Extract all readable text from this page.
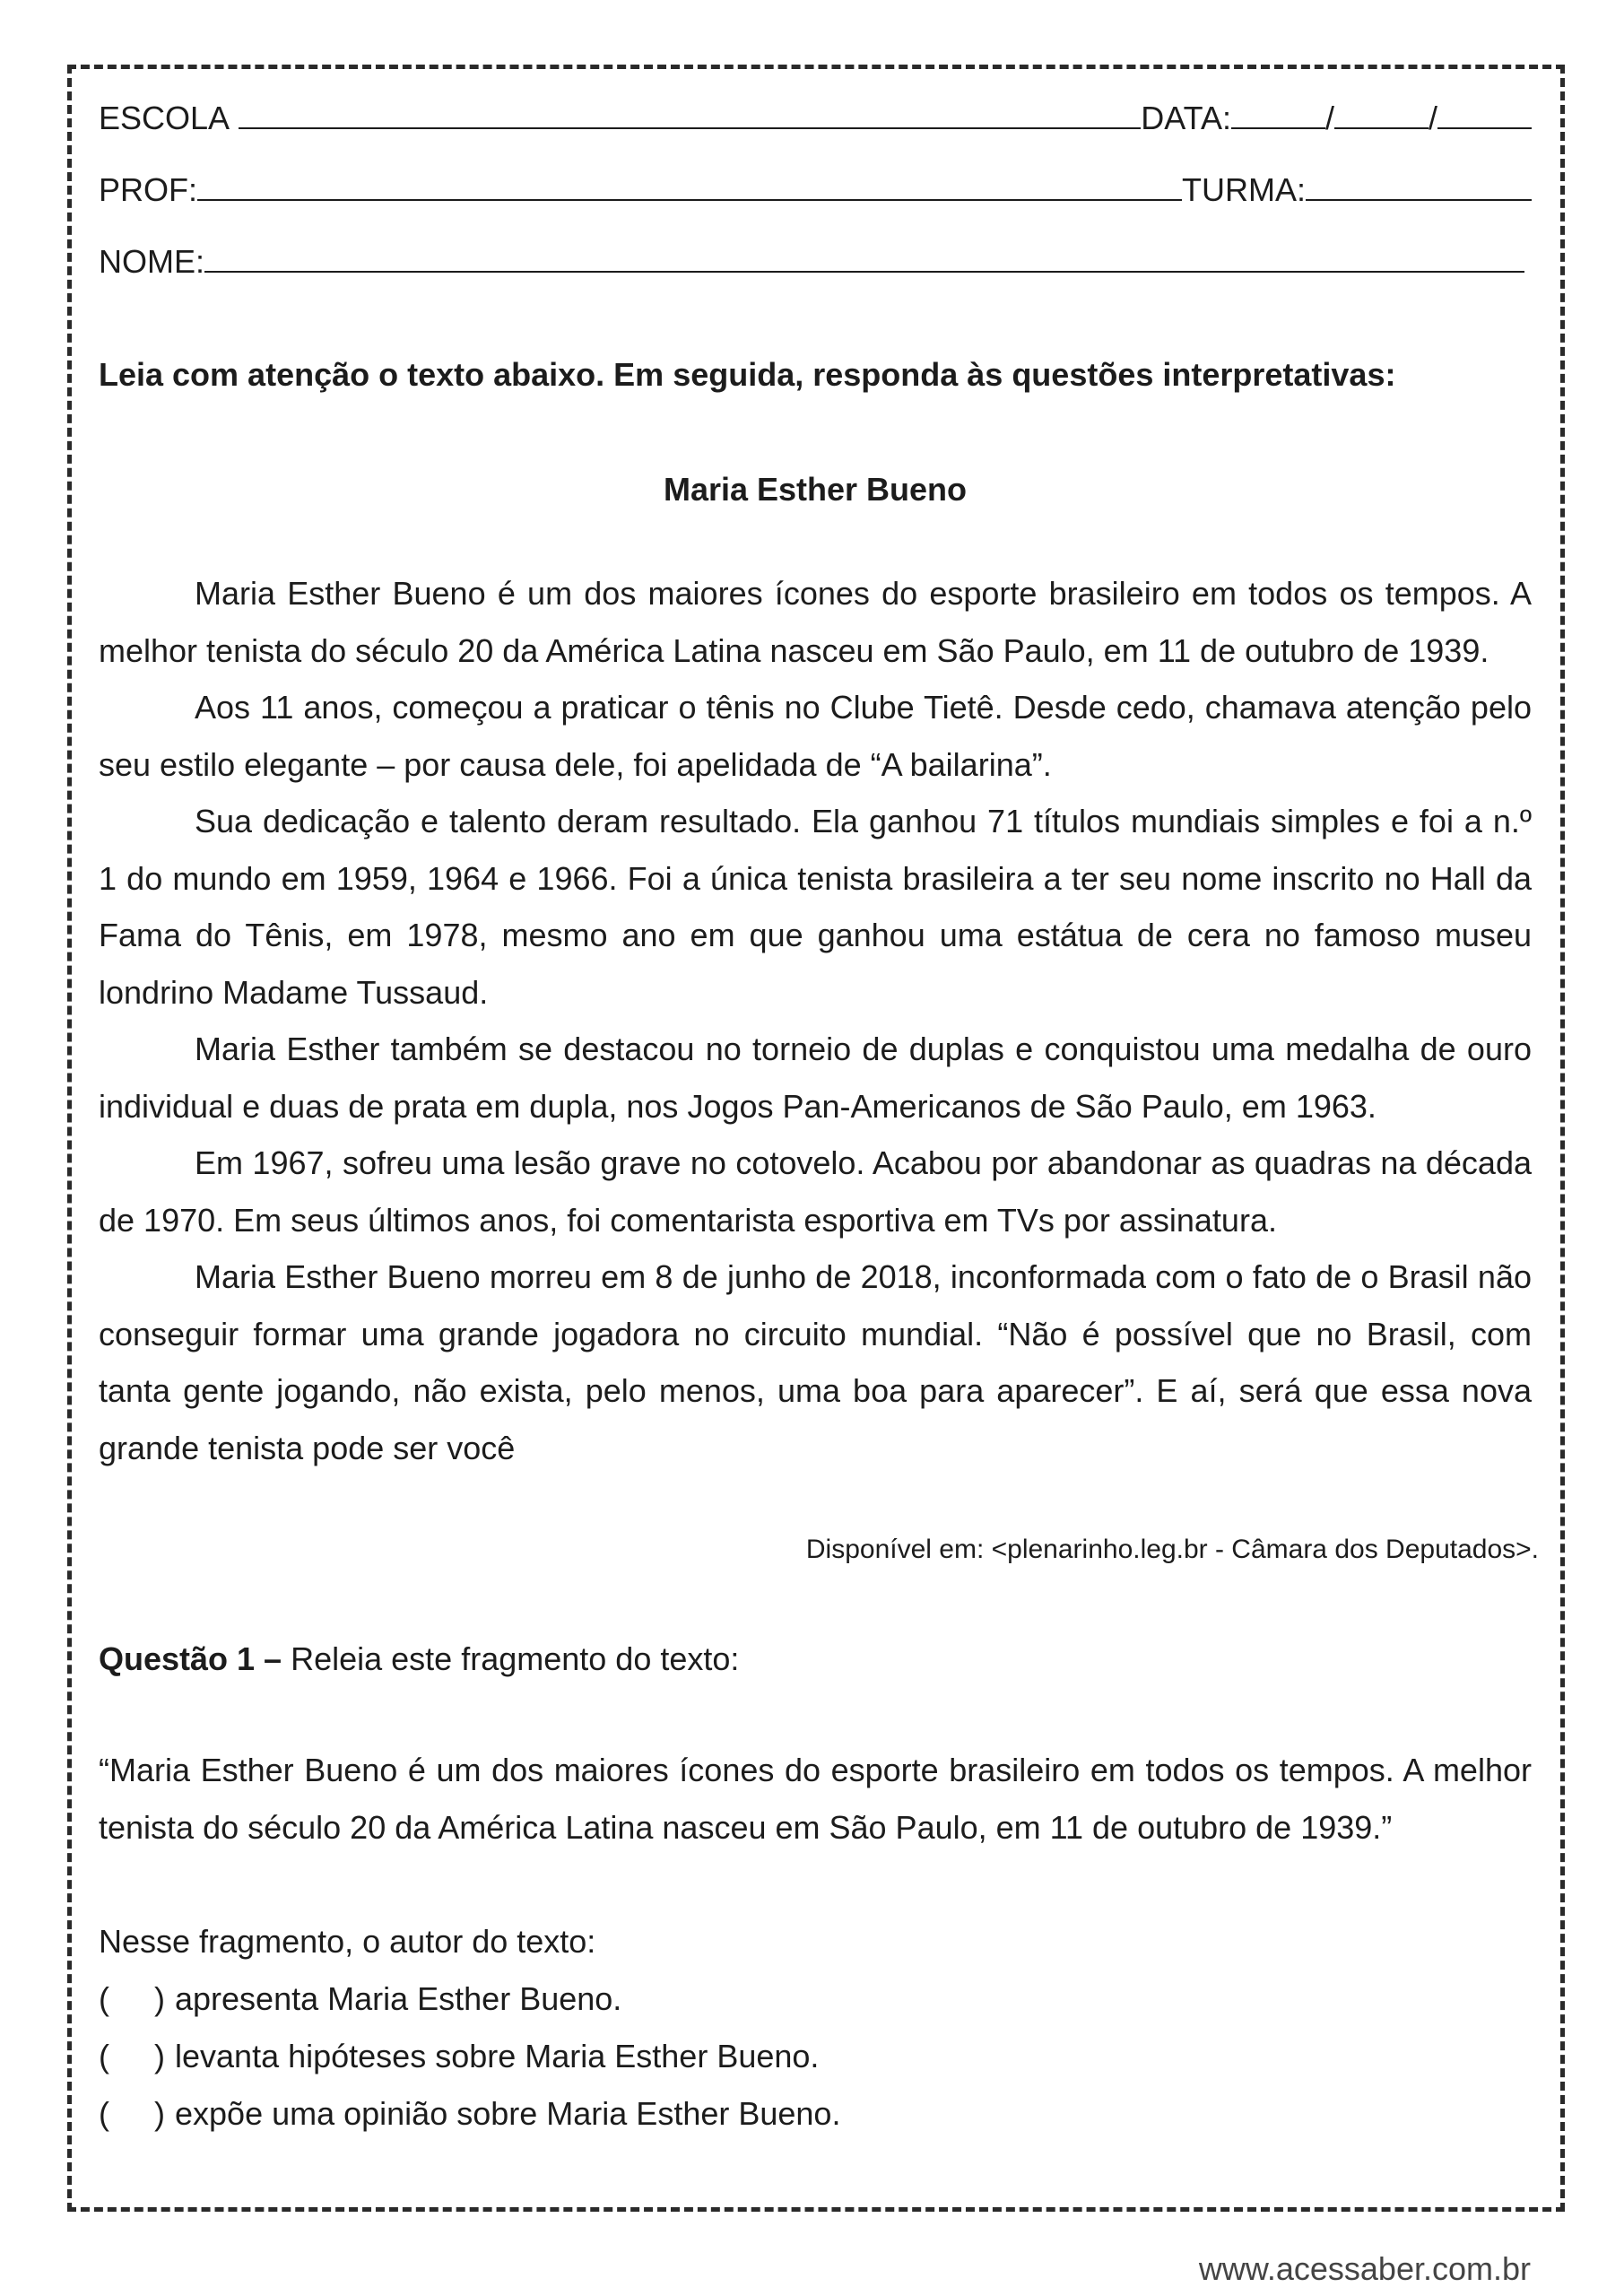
ESCOLA	DATA:	/	/
PROF:	TURMA:
NOME:
Leia com atenção o texto abaixo. Em seguida, responda às questões interpretativas:
Maria Esther Bueno

Maria Esther Bueno é um dos maiores ícones do esporte brasileiro em todos os tempos. A melhor tenista do século 20 da América Latina nasceu em São Paulo, em 11 de outubro de 1939.

Aos 11 anos, começou a praticar o tênis no Clube Tietê. Desde cedo, chamava atenção pelo seu estilo elegante – por causa dele, foi apelidada de “A bailarina”.

Sua dedicação e talento deram resultado. Ela ganhou 71 títulos mundiais simples e foi a n.º 1 do mundo em 1959, 1964 e 1966. Foi a única tenista brasileira a ter seu nome inscrito no Hall da Fama do Tênis, em 1978, mesmo ano em que ganhou uma estátua de cera no famoso museu londrino Madame Tussaud.

Maria Esther também se destacou no torneio de duplas e conquistou uma medalha de ouro individual e duas de prata em dupla, nos Jogos Pan-Americanos de São Paulo, em 1963.

Em 1967, sofreu uma lesão grave no cotovelo. Acabou por abandonar as quadras na década de 1970. Em seus últimos anos, foi comentarista esportiva em TVs por assinatura.

Maria Esther Bueno morreu em 8 de junho de 2018, inconformada com o fato de o Brasil não conseguir formar uma grande jogadora no circuito mundial. “Não é possível que no Brasil, com tanta gente jogando, não exista, pelo menos, uma boa para aparecer”. E aí, será que essa nova grande tenista pode ser você

Disponível em: <plenarinho.leg.br - Câmara dos Deputados>.
Questão 1 – Releia este fragmento do texto:
“Maria Esther Bueno é um dos maiores ícones do esporte brasileiro em todos os tempos. A melhor tenista do século 20 da América Latina nasceu em São Paulo, em 11 de outubro de 1939.”
Nesse fragmento, o autor do texto:
(     ) apresenta Maria Esther Bueno.
(     ) levanta hipóteses sobre Maria Esther Bueno.
(     ) expõe uma opinião sobre Maria Esther Bueno.
www.acessaber.com.br
